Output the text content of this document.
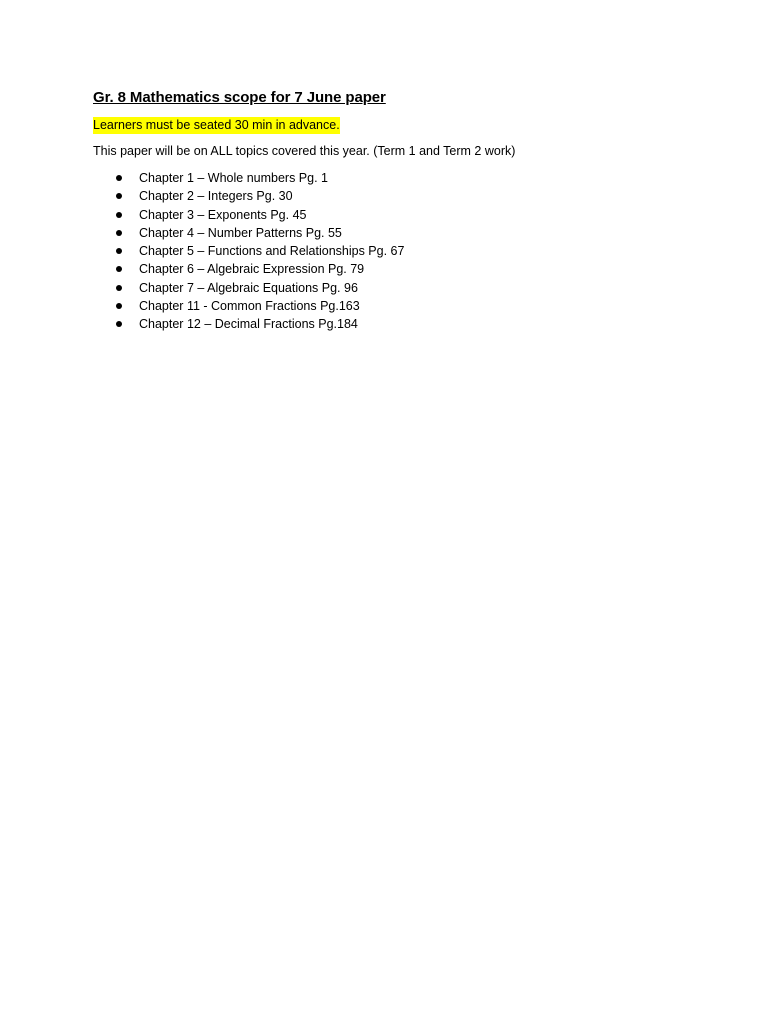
Gr. 8 Mathematics scope for 7 June paper

Learners must be seated 30 min in advance.

This paper will be on ALL topics covered this year. (Term 1 and Term 2 work)

Chapter 1 – Whole numbers Pg. 1
Chapter 2 – Integers Pg. 30
Chapter 3 – Exponents Pg. 45
Chapter 4 – Number Patterns Pg. 55
Chapter 5 – Functions and Relationships Pg. 67
Chapter 6 – Algebraic Expression Pg. 79
Chapter 7 – Algebraic Equations Pg. 96
Chapter 11 - Common Fractions Pg.163
Chapter 12 – Decimal Fractions Pg.184
